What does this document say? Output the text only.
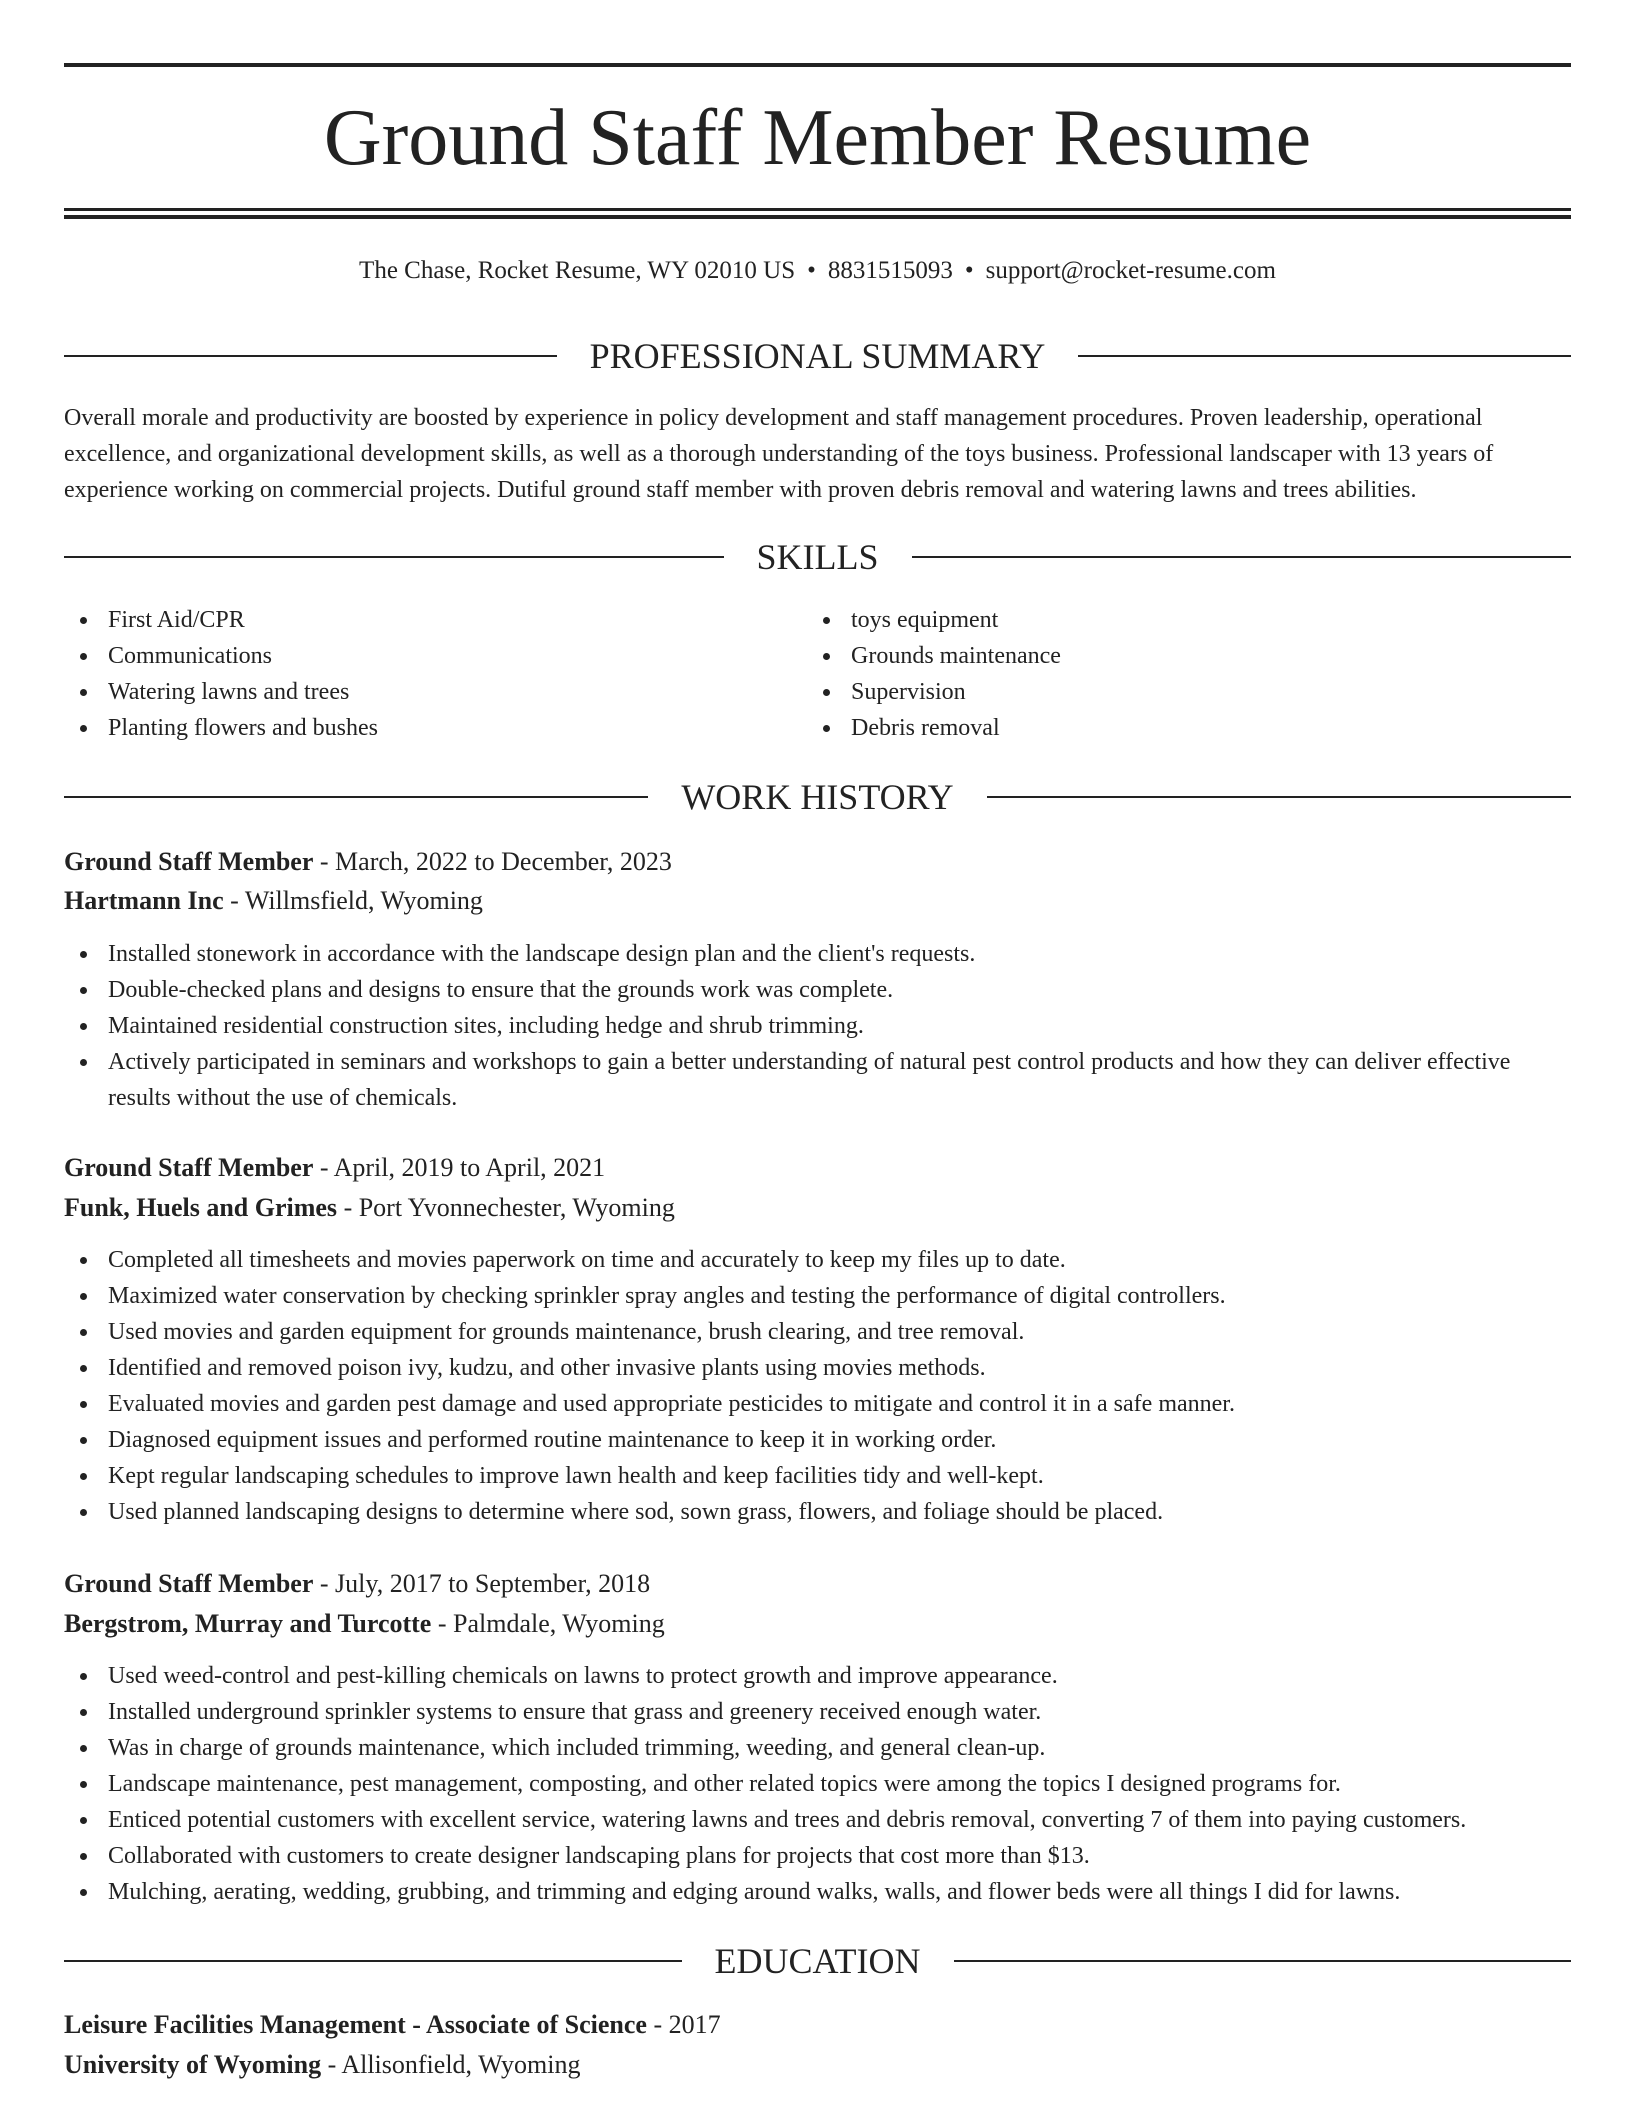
Ground Staff Member Resume
The Chase, Rocket Resume, WY 02010 US • 8831515093 • support@rocket-resume.com
PROFESSIONAL SUMMARY
Overall morale and productivity are boosted by experience in policy development and staff management procedures. Proven leadership, operational excellence, and organizational development skills, as well as a thorough understanding of the toys business. Professional landscaper with 13 years of experience working on commercial projects. Dutiful ground staff member with proven debris removal and watering lawns and trees abilities.
SKILLS
First Aid/CPR
Communications
Watering lawns and trees
Planting flowers and bushes
toys equipment
Grounds maintenance
Supervision
Debris removal
WORK HISTORY
Ground Staff Member - March, 2022 to December, 2023
Hartmann Inc - Willmsfield, Wyoming
Installed stonework in accordance with the landscape design plan and the client's requests.
Double-checked plans and designs to ensure that the grounds work was complete.
Maintained residential construction sites, including hedge and shrub trimming.
Actively participated in seminars and workshops to gain a better understanding of natural pest control products and how they can deliver effective results without the use of chemicals.
Ground Staff Member - April, 2019 to April, 2021
Funk, Huels and Grimes - Port Yvonnechester, Wyoming
Completed all timesheets and movies paperwork on time and accurately to keep my files up to date.
Maximized water conservation by checking sprinkler spray angles and testing the performance of digital controllers.
Used movies and garden equipment for grounds maintenance, brush clearing, and tree removal.
Identified and removed poison ivy, kudzu, and other invasive plants using movies methods.
Evaluated movies and garden pest damage and used appropriate pesticides to mitigate and control it in a safe manner.
Diagnosed equipment issues and performed routine maintenance to keep it in working order.
Kept regular landscaping schedules to improve lawn health and keep facilities tidy and well-kept.
Used planned landscaping designs to determine where sod, sown grass, flowers, and foliage should be placed.
Ground Staff Member - July, 2017 to September, 2018
Bergstrom, Murray and Turcotte - Palmdale, Wyoming
Used weed-control and pest-killing chemicals on lawns to protect growth and improve appearance.
Installed underground sprinkler systems to ensure that grass and greenery received enough water.
Was in charge of grounds maintenance, which included trimming, weeding, and general clean-up.
Landscape maintenance, pest management, composting, and other related topics were among the topics I designed programs for.
Enticed potential customers with excellent service, watering lawns and trees and debris removal, converting 7 of them into paying customers.
Collaborated with customers to create designer landscaping plans for projects that cost more than $13.
Mulching, aerating, wedding, grubbing, and trimming and edging around walks, walls, and flower beds were all things I did for lawns.
EDUCATION
Leisure Facilities Management - Associate of Science - 2017
University of Wyoming - Allisonfield, Wyoming
